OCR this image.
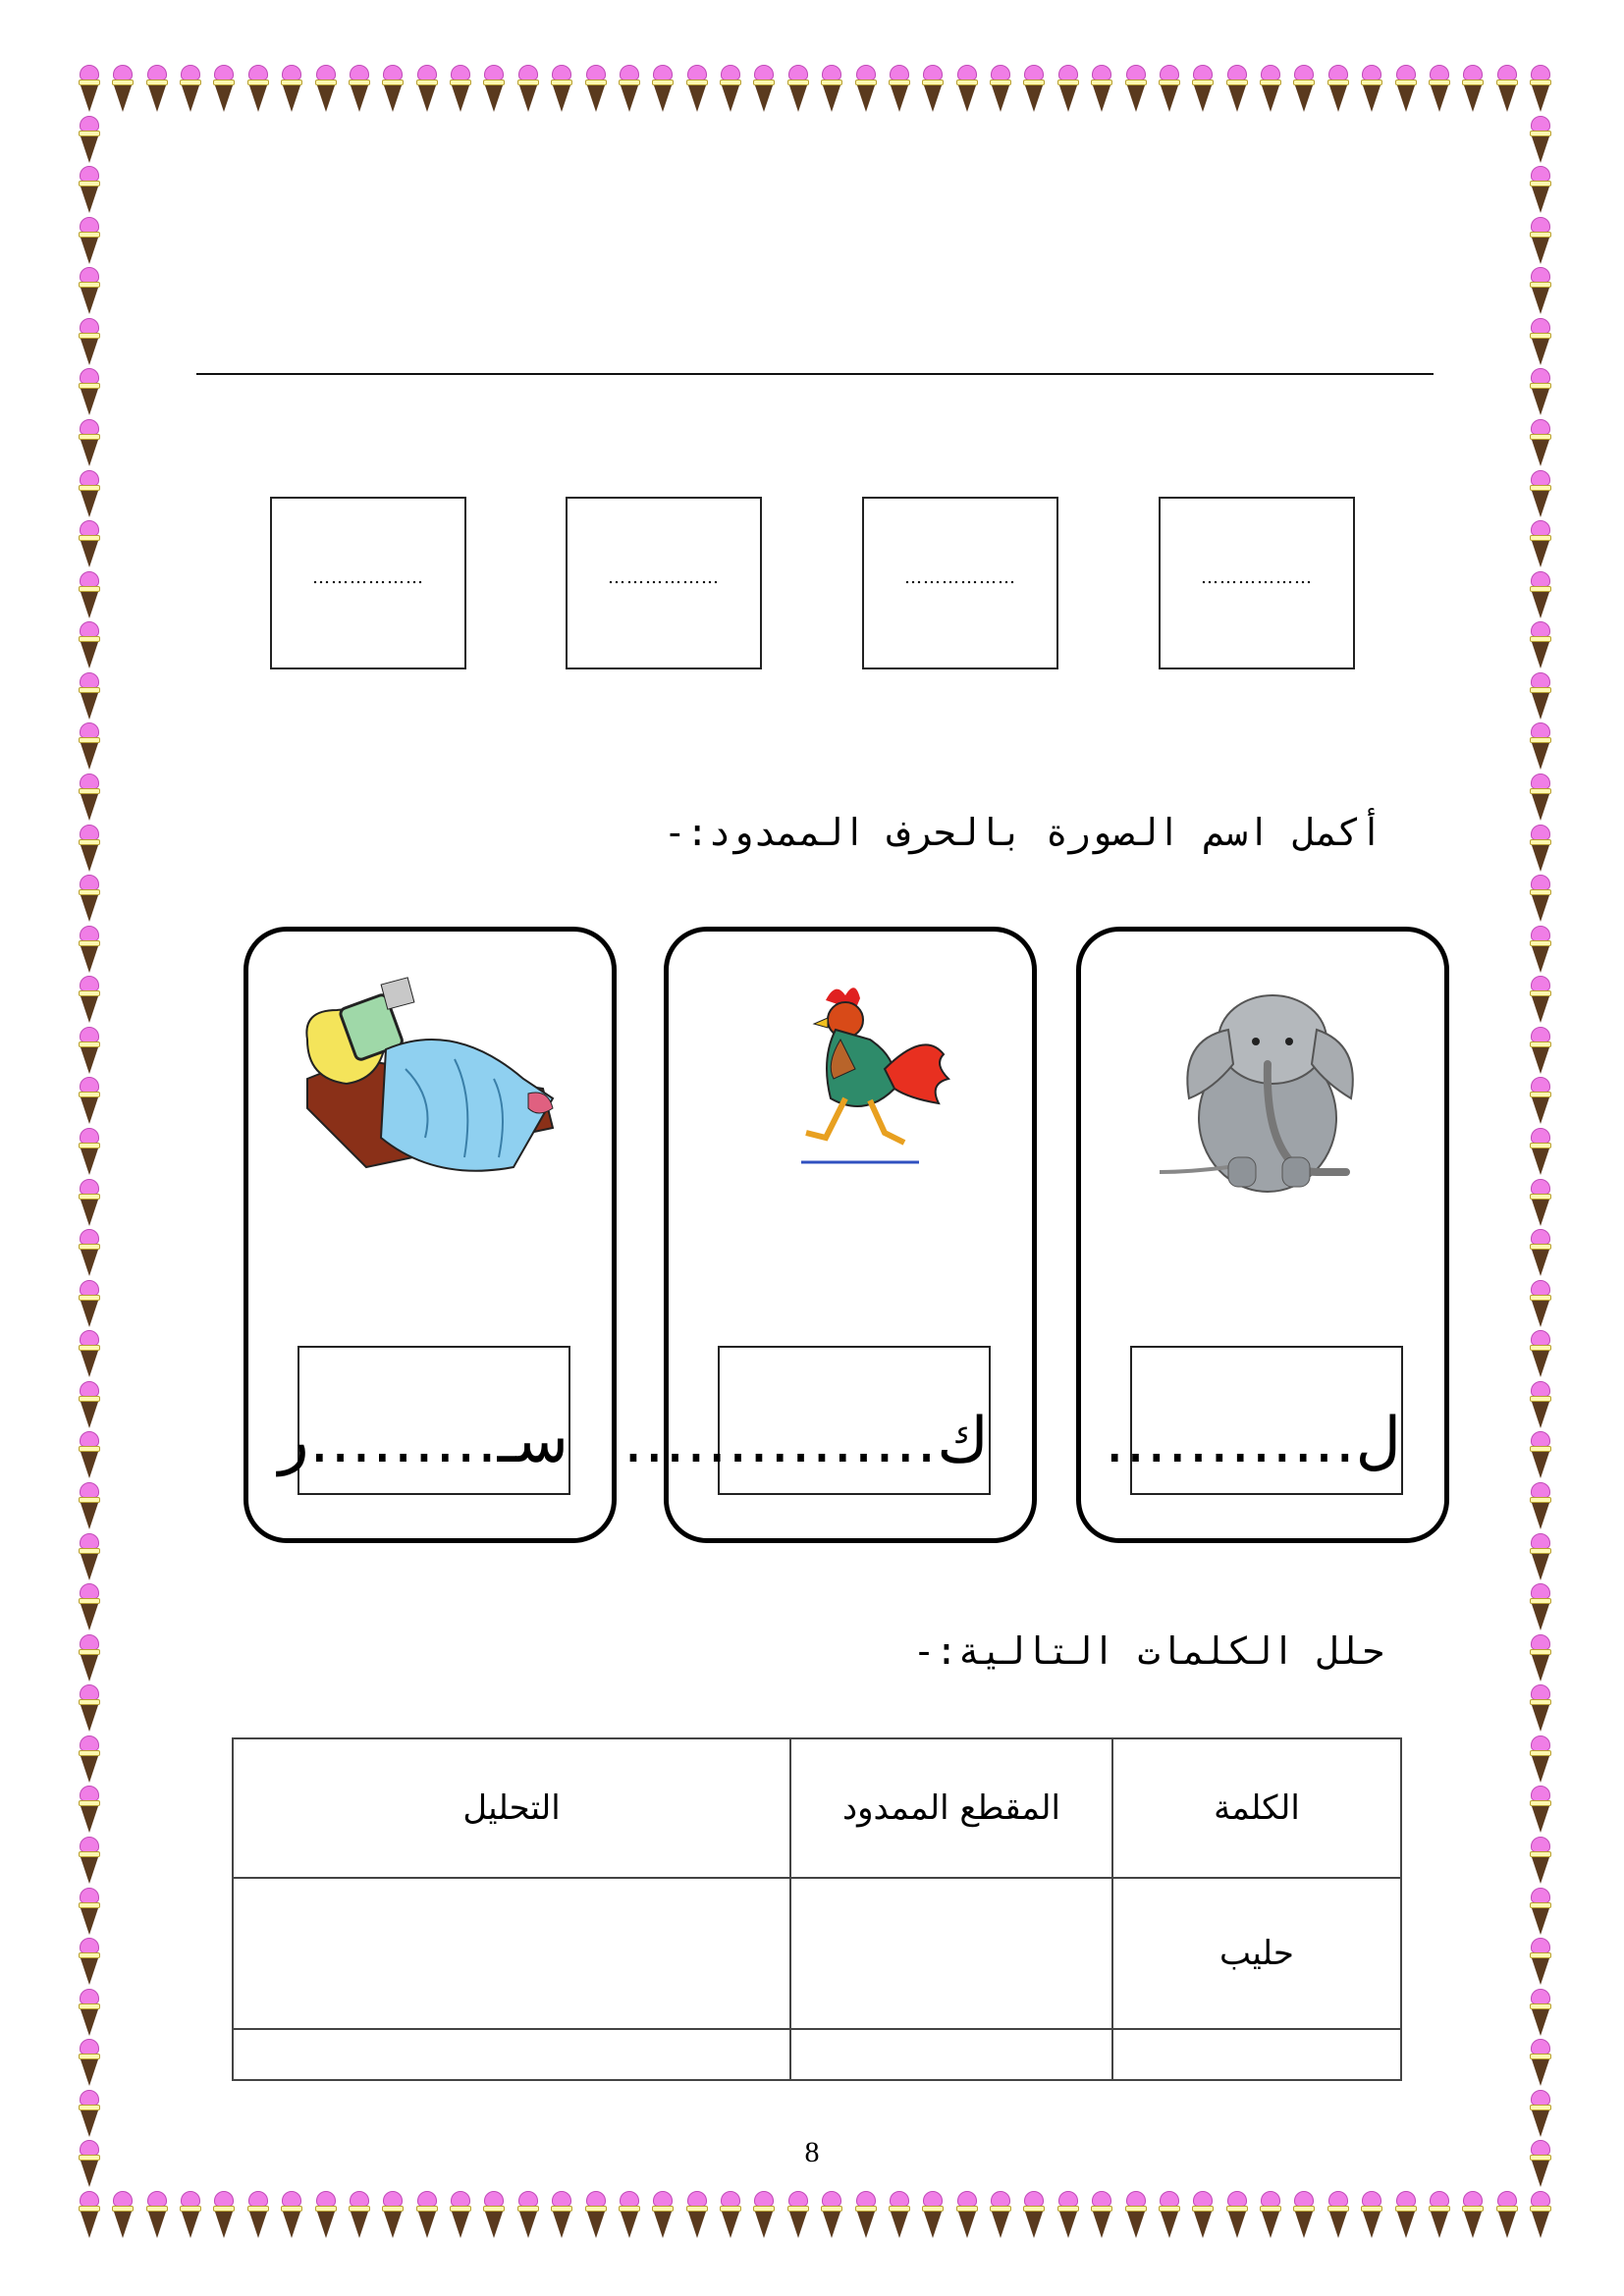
………………
………………
………………
………………
أكمل اسم الصورة بالحرف الممدود:-
ل…………
ك……………
سـ………ر
حلل الكلمات التالية:-
الكلمة	المقطع الممدود	التحليل
حليب		

8
